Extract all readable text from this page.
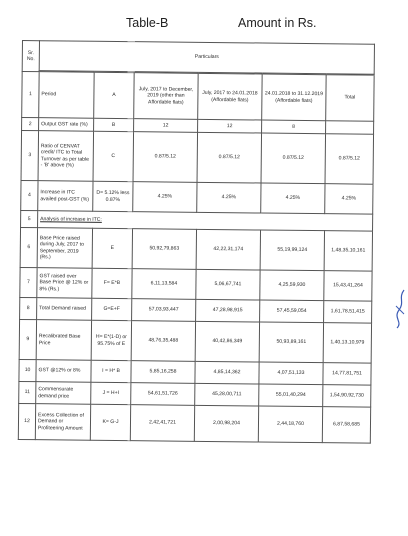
Table-B	Amount in Rs.
Sr. No.	Particulars					

1	Period	A	July, 2017 to December, 2019 (other than Affordable flats)	July, 2017 to 24.01.2018 (Affordable flats)	24.01.2018 to 31.12.2019 (Affordable flats)	Total
2	Output GST rate (%)	B	12	12	8	
3	Ratio of CENVAT credit/ ITC to Total Turnover as per table - 'B' above (%)	C	0.87/5.12	0.87/5.12	0.87/5.12	0.87/5.12
4	Increase in ITC availed post-GST (%)	D= 5.12% less 0.87%	4.25%	4.25%	4.25%	4.25%
5	Analysis of increase in ITC:					
6	Base Price raised during July, 2017 to September, 2019 (Rs.)	E	50,92,79,863	42,22,31,174	55,19,99,124	1,48,35,10,161
7	GST raised over Base Price @ 12% or 8% (Rs.)	F= E*B	6,11,13,584	5,06,67,741	4,25,59,930	15,43,41,264
8	Total Demand raised	G=E+F	57,03,93,447	47,28,98,915	57,45,59,054	1,61,78,51,415
9	Recalibrated Base Price	H= E*(1-D) or 95.75% of E	48,76,35,488	40,42,86,349	50,93,89,161	1,40,13,10,979
10	GST @12% or 8%	I = H* B	5,85,16,258	4,85,14,362	4,07,51,133	14,77,81,751
11	Commensurate demand price	J = H+I	54,61,51,726	45,28,00,711	55,01,40,294	1,54,90,92,730
12	Excess Collection of Demand or Profiteering Amount	K= G-J	2,42,41,721	2,00,98,204	2,44,18,760	6,87,58,685
